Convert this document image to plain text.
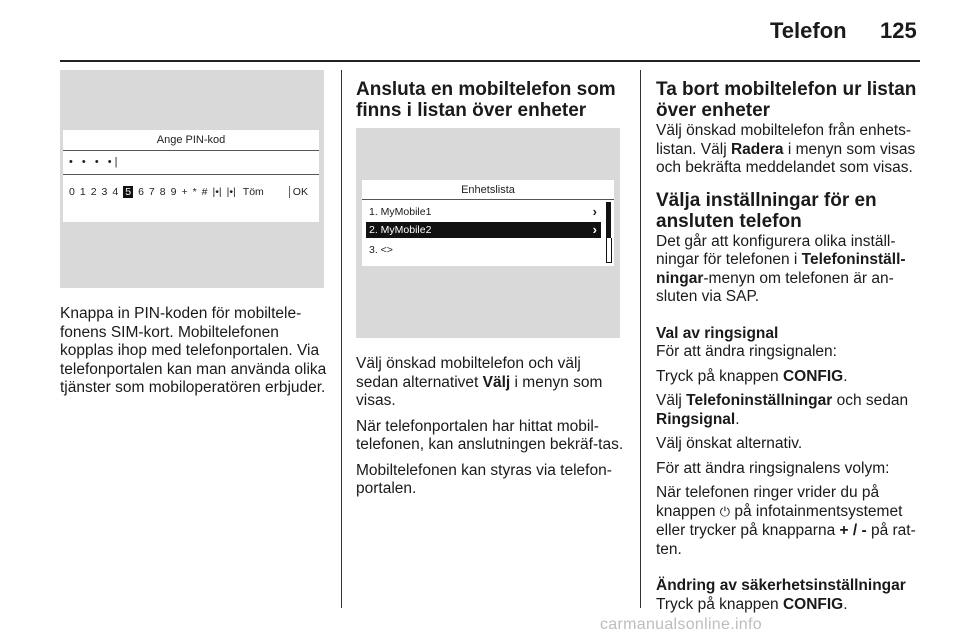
Telefon 125
Ange PIN-kod
• • • •|
0 1 2 3 4 5 6 7 8 9 + * # |•| |•| Töm	OK

Knappa in PIN-koden för mobiltele-fonens SIM-kort. Mobiltelefonen kopplas ihop med telefonportalen. Via telefonportalen kan man använda olika tjänster som mobiloperatören erbjuder.

Ansluta en mobiltelefon som finns i listan över enheter
Enhetslista
1. MyMobile1	›
2. MyMobile2	›
3. <>

Välj önskad mobiltelefon och välj sedan alternativet Välj i menyn som visas.

När telefonportalen har hittat mobil-telefonen, kan anslutningen bekräf-tas.

Mobiltelefonen kan styras via telefon-portalen.

Ta bort mobiltelefon ur listan över enheter

Välj önskad mobiltelefon från enhets-listan. Välj Radera i menyn som visas och bekräfta meddelandet som visas.

Välja inställningar för en ansluten telefon

Det går att konfigurera olika inställ-ningar för telefonen i Telefoninställ-ningar-menyn om telefonen är an-sluten via SAP.

Val av ringsignal

För att ändra ringsignalen:

Tryck på knappen CONFIG.

Välj Telefoninställningar och sedan Ringsignal.

Välj önskat alternativ.

För att ändra ringsignalens volym:

När telefonen ringer vrider du på knappen ⏻ på infotainmentsystemet eller trycker på knapparna + / - på rat-ten.

Ändring av säkerhetsinställningar

Tryck på knappen CONFIG.

carmanualsonline.info
